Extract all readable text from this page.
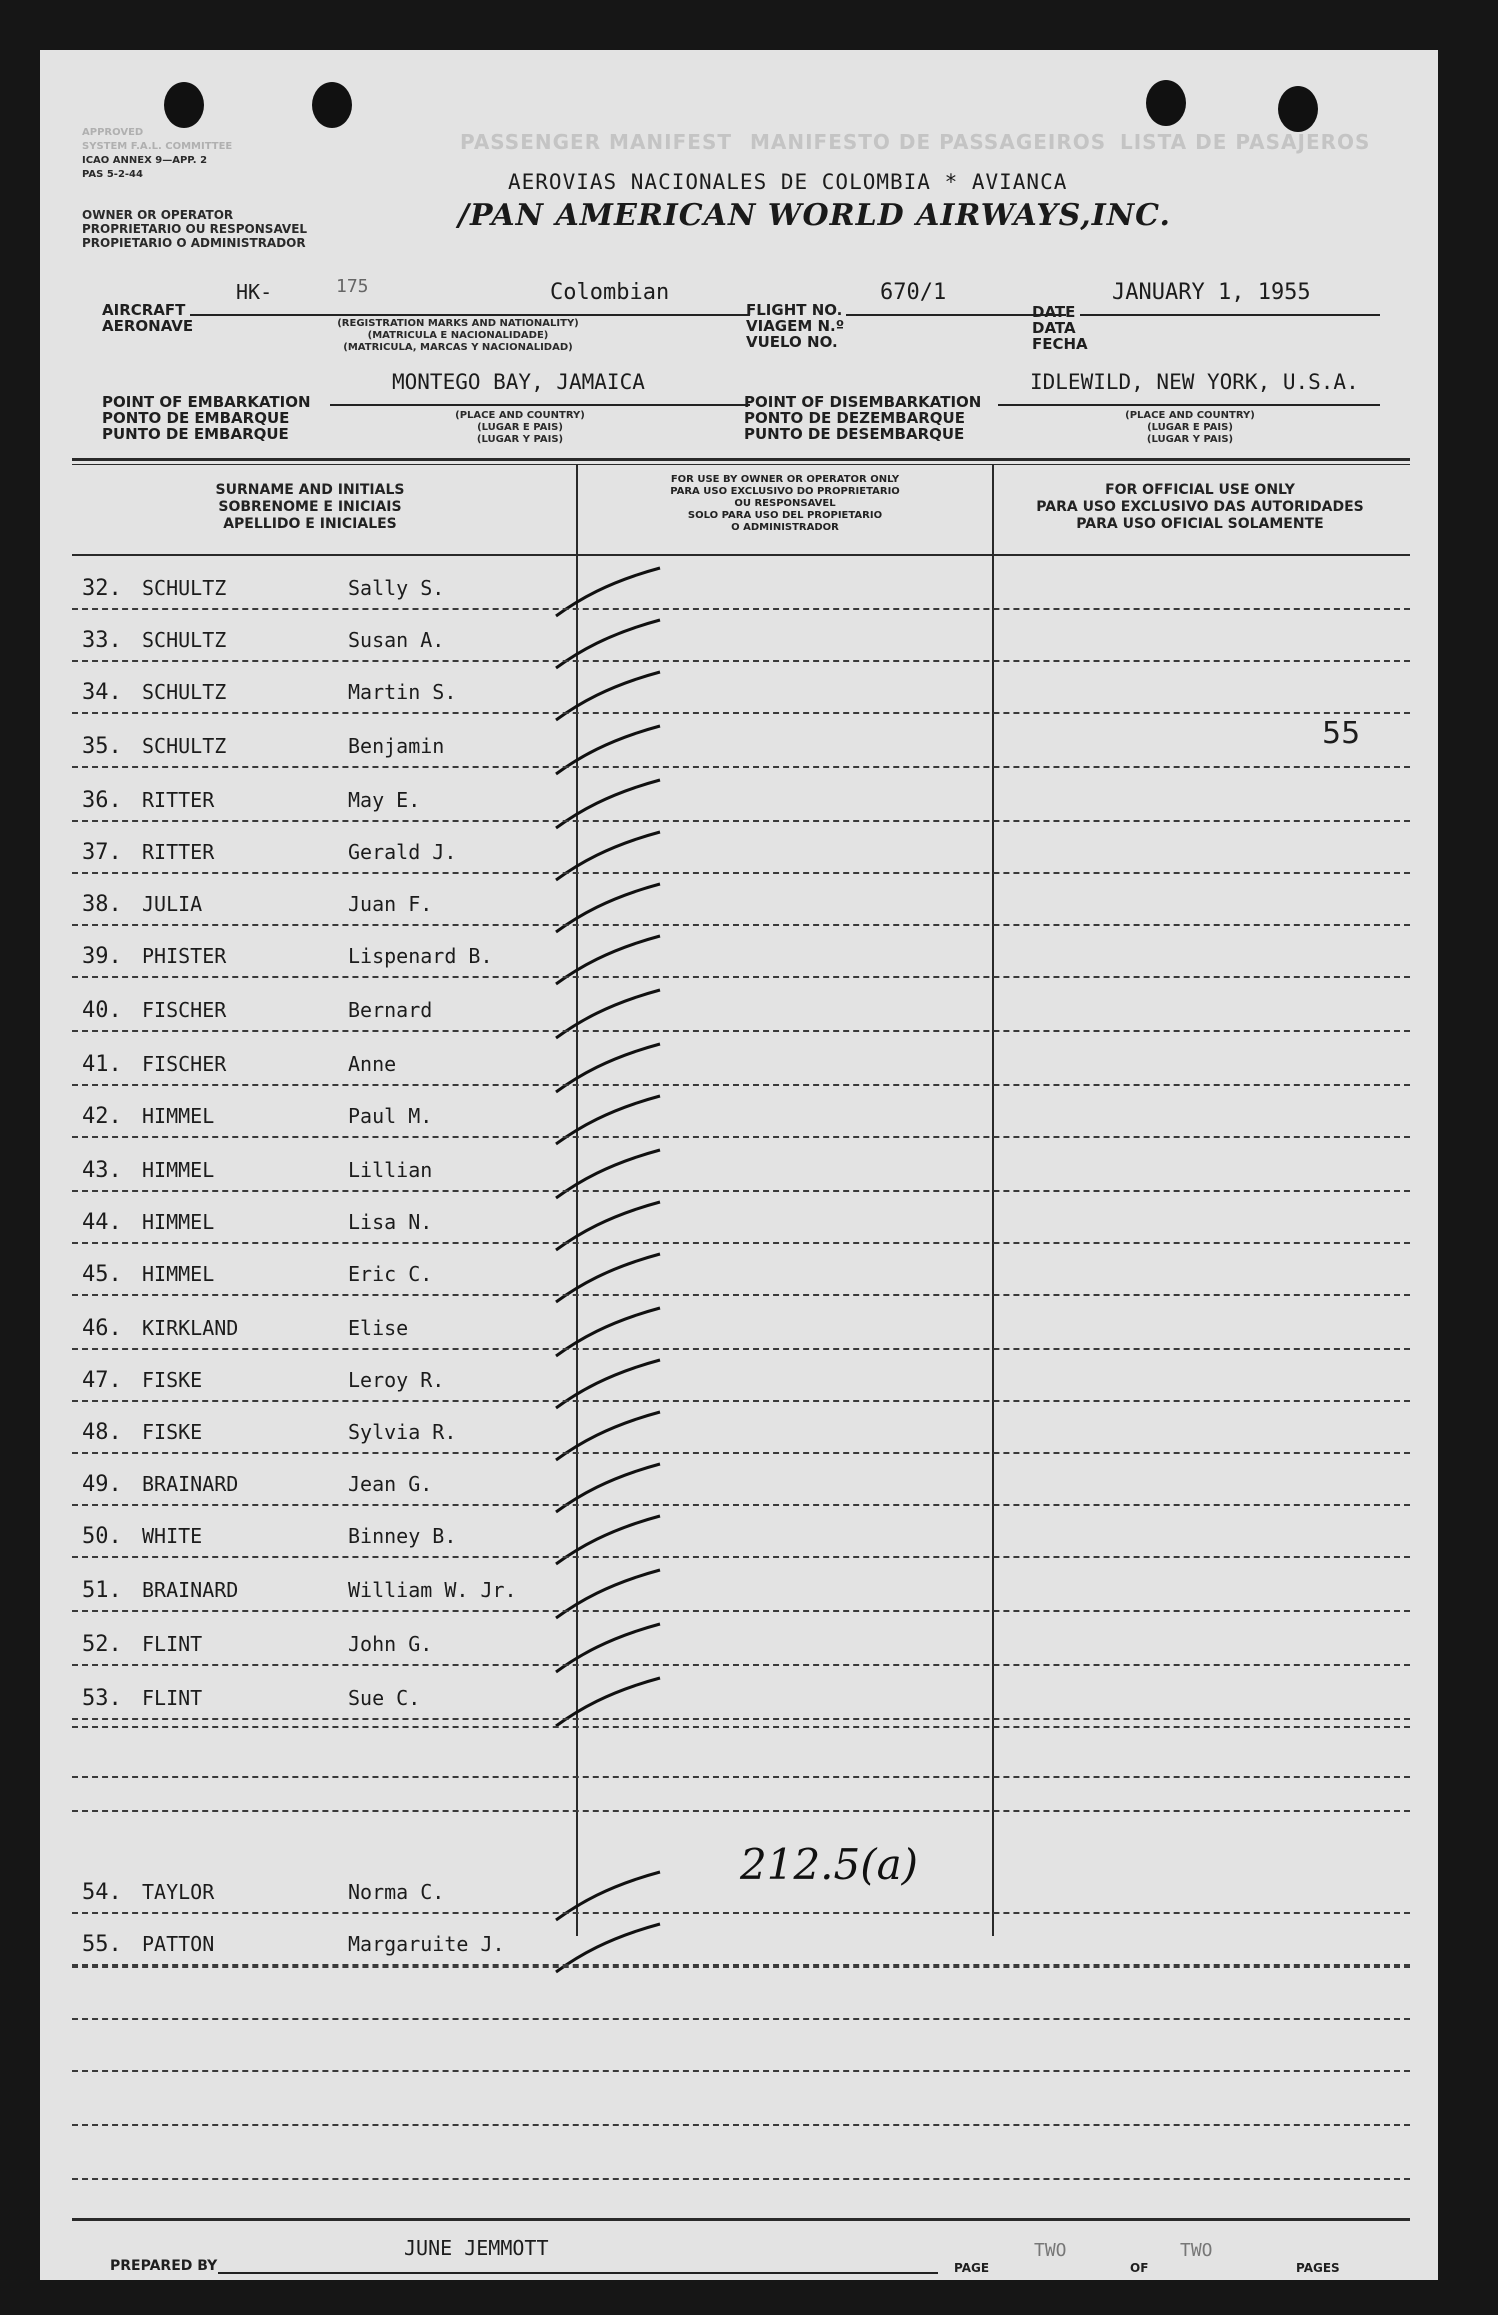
APPROVED
SYSTEM F.A.L. COMMITTEE
ICAO ANNEX 9—APP. 2
PAS 5-2-44
OWNER OR OPERATOR
PROPRIETARIO OU RESPONSAVEL
PROPIETARIO O ADMINISTRADOR
PASSENGER MANIFEST MANIFESTO DE PASSAGEIROS LISTA DE PASAJEROS
AEROVIAS NACIONALES DE COLOMBIA * AVIANCA
/PAN AMERICAN WORLD AIRWAYS,INC.
AIRCRAFT
AERONAVE
HK-	175	Colombian
(REGISTRATION MARKS AND NATIONALITY)
(MATRICULA E NACIONALIDADE)
(MATRICULA, MARCAS Y NACIONALIDAD)
FLIGHT NO.
VIAGEM N.º
VUELO NO.
670/1
DATE
DATA
FECHA
JANUARY 1, 1955
POINT OF EMBARKATION
PONTO DE EMBARQUE
PUNTO DE EMBARQUE
MONTEGO BAY, JAMAICA
(PLACE AND COUNTRY)
(LUGAR E PAIS)
(LUGAR Y PAIS)
POINT OF DISEMBARKATION
PONTO DE DEZEMBARQUE
PUNTO DE DESEMBARQUE
IDLEWILD, NEW YORK, U.S.A.
(PLACE AND COUNTRY)
(LUGAR E PAIS)
(LUGAR Y PAIS)
SURNAME AND INITIALS
SOBRENOME E INICIAIS
APELLIDO E INICIALES
FOR USE BY OWNER OR OPERATOR ONLY
PARA USO EXCLUSIVO DO PROPRIETARIO
OU RESPONSAVEL
SOLO PARA USO DEL PROPIETARIO
O ADMINISTRADOR
FOR OFFICIAL USE ONLY
PARA USO EXCLUSIVO DAS AUTORIDADES
PARA USO OFICIAL SOLAMENTE
32. SCHULTZ	Sally S.
33. SCHULTZ	Susan A.
34. SCHULTZ	Martin S.
35. SCHULTZ	Benjamin
36. RITTER	May E.
37. RITTER	Gerald J.
38. JULIA	Juan F.
39. PHISTER	Lispenard B.
40. FISCHER	Bernard
41. FISCHER	Anne
42. HIMMEL	Paul M.
43. HIMMEL	Lillian
44. HIMMEL	Lisa N.
45. HIMMEL	Eric C.
46. KIRKLAND	Elise
47. FISKE	Leroy R.
48. FISKE	Sylvia R.
49. BRAINARD	Jean G.
50. WHITE	Binney B.
51. BRAINARD	William W. Jr.
52. FLINT	John G.
53. FLINT	Sue C.
54. TAYLOR	Norma C.
55. PATTON	Margaruite J.
55
212.5(a)
PREPARED BY
JUNE JEMMOTT
PAGE
TWO
OF
TWO
PAGES
